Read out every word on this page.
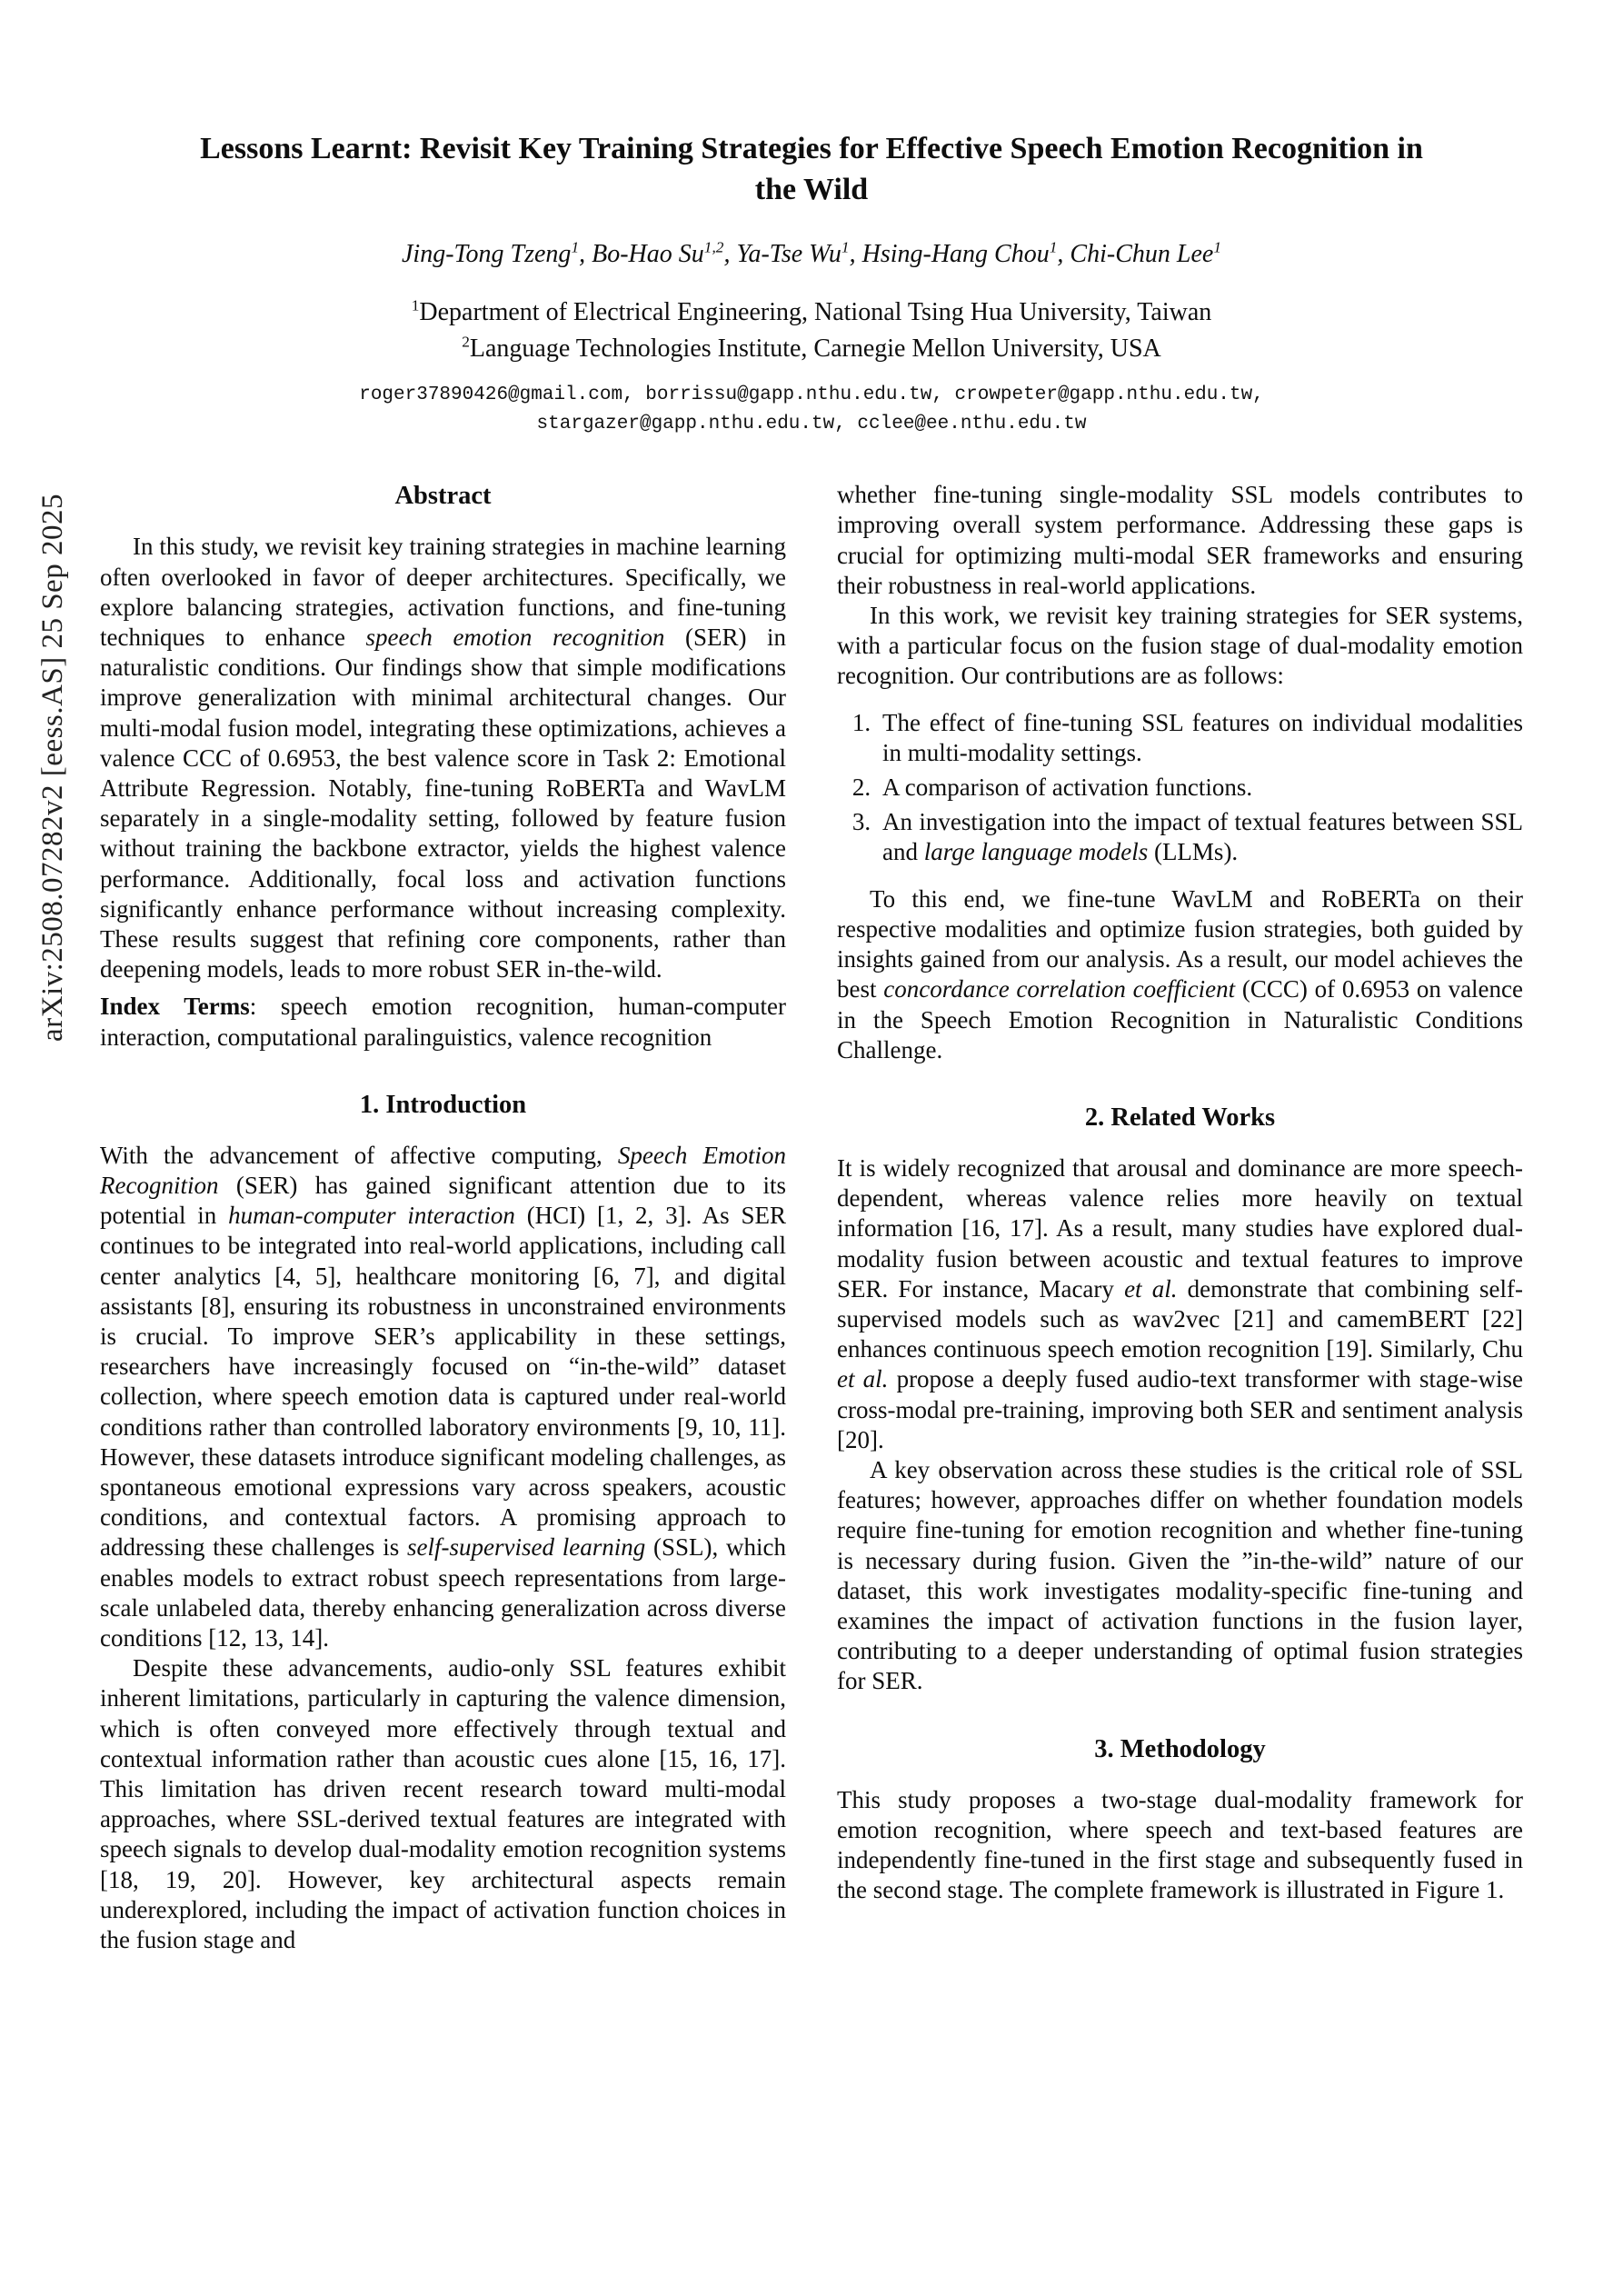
arXiv:2508.07282v2 [eess.AS] 25 Sep 2025
Lessons Learnt: Revisit Key Training Strategies for Effective Speech Emotion Recognition in the Wild
Jing-Tong Tzeng$^1$ , Bo-Hao Su$^{1,2}$ , Ya-Tse Wu$^1$ , Hsing-Hang Chou$^1$ , Chi-Chun Lee$^1$
$^1$Department of Electrical Engineering, National Tsing Hua University, Taiwan
$^2$Language Technologies Institute, Carnegie Mellon University, USA
roger37890426@gmail.com, borrissu@gapp.nthu.edu.tw, crowpeter@gapp.nthu.edu.tw,
stargazer@gapp.nthu.edu.tw, cclee@ee.nthu.edu.tw
Abstract

In this study, we revisit key training strategies in machine learning often overlooked in favor of deeper architectures. Specifically, we explore balancing strategies, activation functions, and fine-tuning techniques to enhance speech emotion recognition (SER) in naturalistic conditions. Our findings show that simple modifications improve generalization with minimal architectural changes. Our multi-modal fusion model, integrating these optimizations, achieves a valence CCC of 0.6953, the best valence score in Task 2: Emotional Attribute Regression. Notably, fine-tuning RoBERTa and WavLM separately in a single-modality setting, followed by feature fusion without training the backbone extractor, yields the highest valence performance. Additionally, focal loss and activation functions significantly enhance performance without increasing complexity. These results suggest that refining core components, rather than deepening models, leads to more robust SER in-the-wild.

Index Terms: speech emotion recognition, human-computer interaction, computational paralinguistics, valence recognition

1. Introduction

With the advancement of affective computing, Speech Emotion Recognition (SER) has gained significant attention due to its potential in human-computer interaction (HCI) [1, 2, 3]. As SER continues to be integrated into real-world applications, including call center analytics [4, 5], healthcare monitoring [6, 7], and digital assistants [8], ensuring its robustness in unconstrained environments is crucial. To improve SER’s applicability in these settings, researchers have increasingly focused on “in-the-wild” dataset collection, where speech emotion data is captured under real-world conditions rather than controlled laboratory environments [9, 10, 11]. However, these datasets introduce significant modeling challenges, as spontaneous emotional expressions vary across speakers, acoustic conditions, and contextual factors. A promising approach to addressing these challenges is self-supervised learning (SSL), which enables models to extract robust speech representations from large-scale unlabeled data, thereby enhancing generalization across diverse conditions [12, 13, 14].

Despite these advancements, audio-only SSL features exhibit inherent limitations, particularly in capturing the valence dimension, which is often conveyed more effectively through textual and contextual information rather than acoustic cues alone [15, 16, 17]. This limitation has driven recent research toward multi-modal approaches, where SSL-derived textual features are integrated with speech signals to develop dual-modality emotion recognition systems [18, 19, 20]. However, key architectural aspects remain underexplored, including the impact of activation function choices in the fusion stage and

whether fine-tuning single-modality SSL models contributes to improving overall system performance. Addressing these gaps is crucial for optimizing multi-modal SER frameworks and ensuring their robustness in real-world applications.

In this work, we revisit key training strategies for SER systems, with a particular focus on the fusion stage of dual-modality emotion recognition. Our contributions are as follows:

1. The effect of fine-tuning SSL features on individual modalities in multi-modality settings.
2. A comparison of activation functions.
3. An investigation into the impact of textual features between SSL and large language models (LLMs).

To this end, we fine-tune WavLM and RoBERTa on their respective modalities and optimize fusion strategies, both guided by insights gained from our analysis. As a result, our model achieves the best concordance correlation coefficient (CCC) of 0.6953 on valence in the Speech Emotion Recognition in Naturalistic Conditions Challenge.

2. Related Works

It is widely recognized that arousal and dominance are more speech-dependent, whereas valence relies more heavily on textual information [16, 17]. As a result, many studies have explored dual-modality fusion between acoustic and textual features to improve SER. For instance, Macary et al. demonstrate that combining self-supervised models such as wav2vec [21] and camemBERT [22] enhances continuous speech emotion recognition [19]. Similarly, Chu et al. propose a deeply fused audio-text transformer with stage-wise cross-modal pre-training, improving both SER and sentiment analysis [20].

A key observation across these studies is the critical role of SSL features; however, approaches differ on whether foundation models require fine-tuning for emotion recognition and whether fine-tuning is necessary during fusion. Given the ”in-the-wild” nature of our dataset, this work investigates modality-specific fine-tuning and examines the impact of activation functions in the fusion layer, contributing to a deeper understanding of optimal fusion strategies for SER.

3. Methodology

This study proposes a two-stage dual-modality framework for emotion recognition, where speech and text-based features are independently fine-tuned in the first stage and subsequently fused in the second stage. The complete framework is illustrated in Figure 1.
